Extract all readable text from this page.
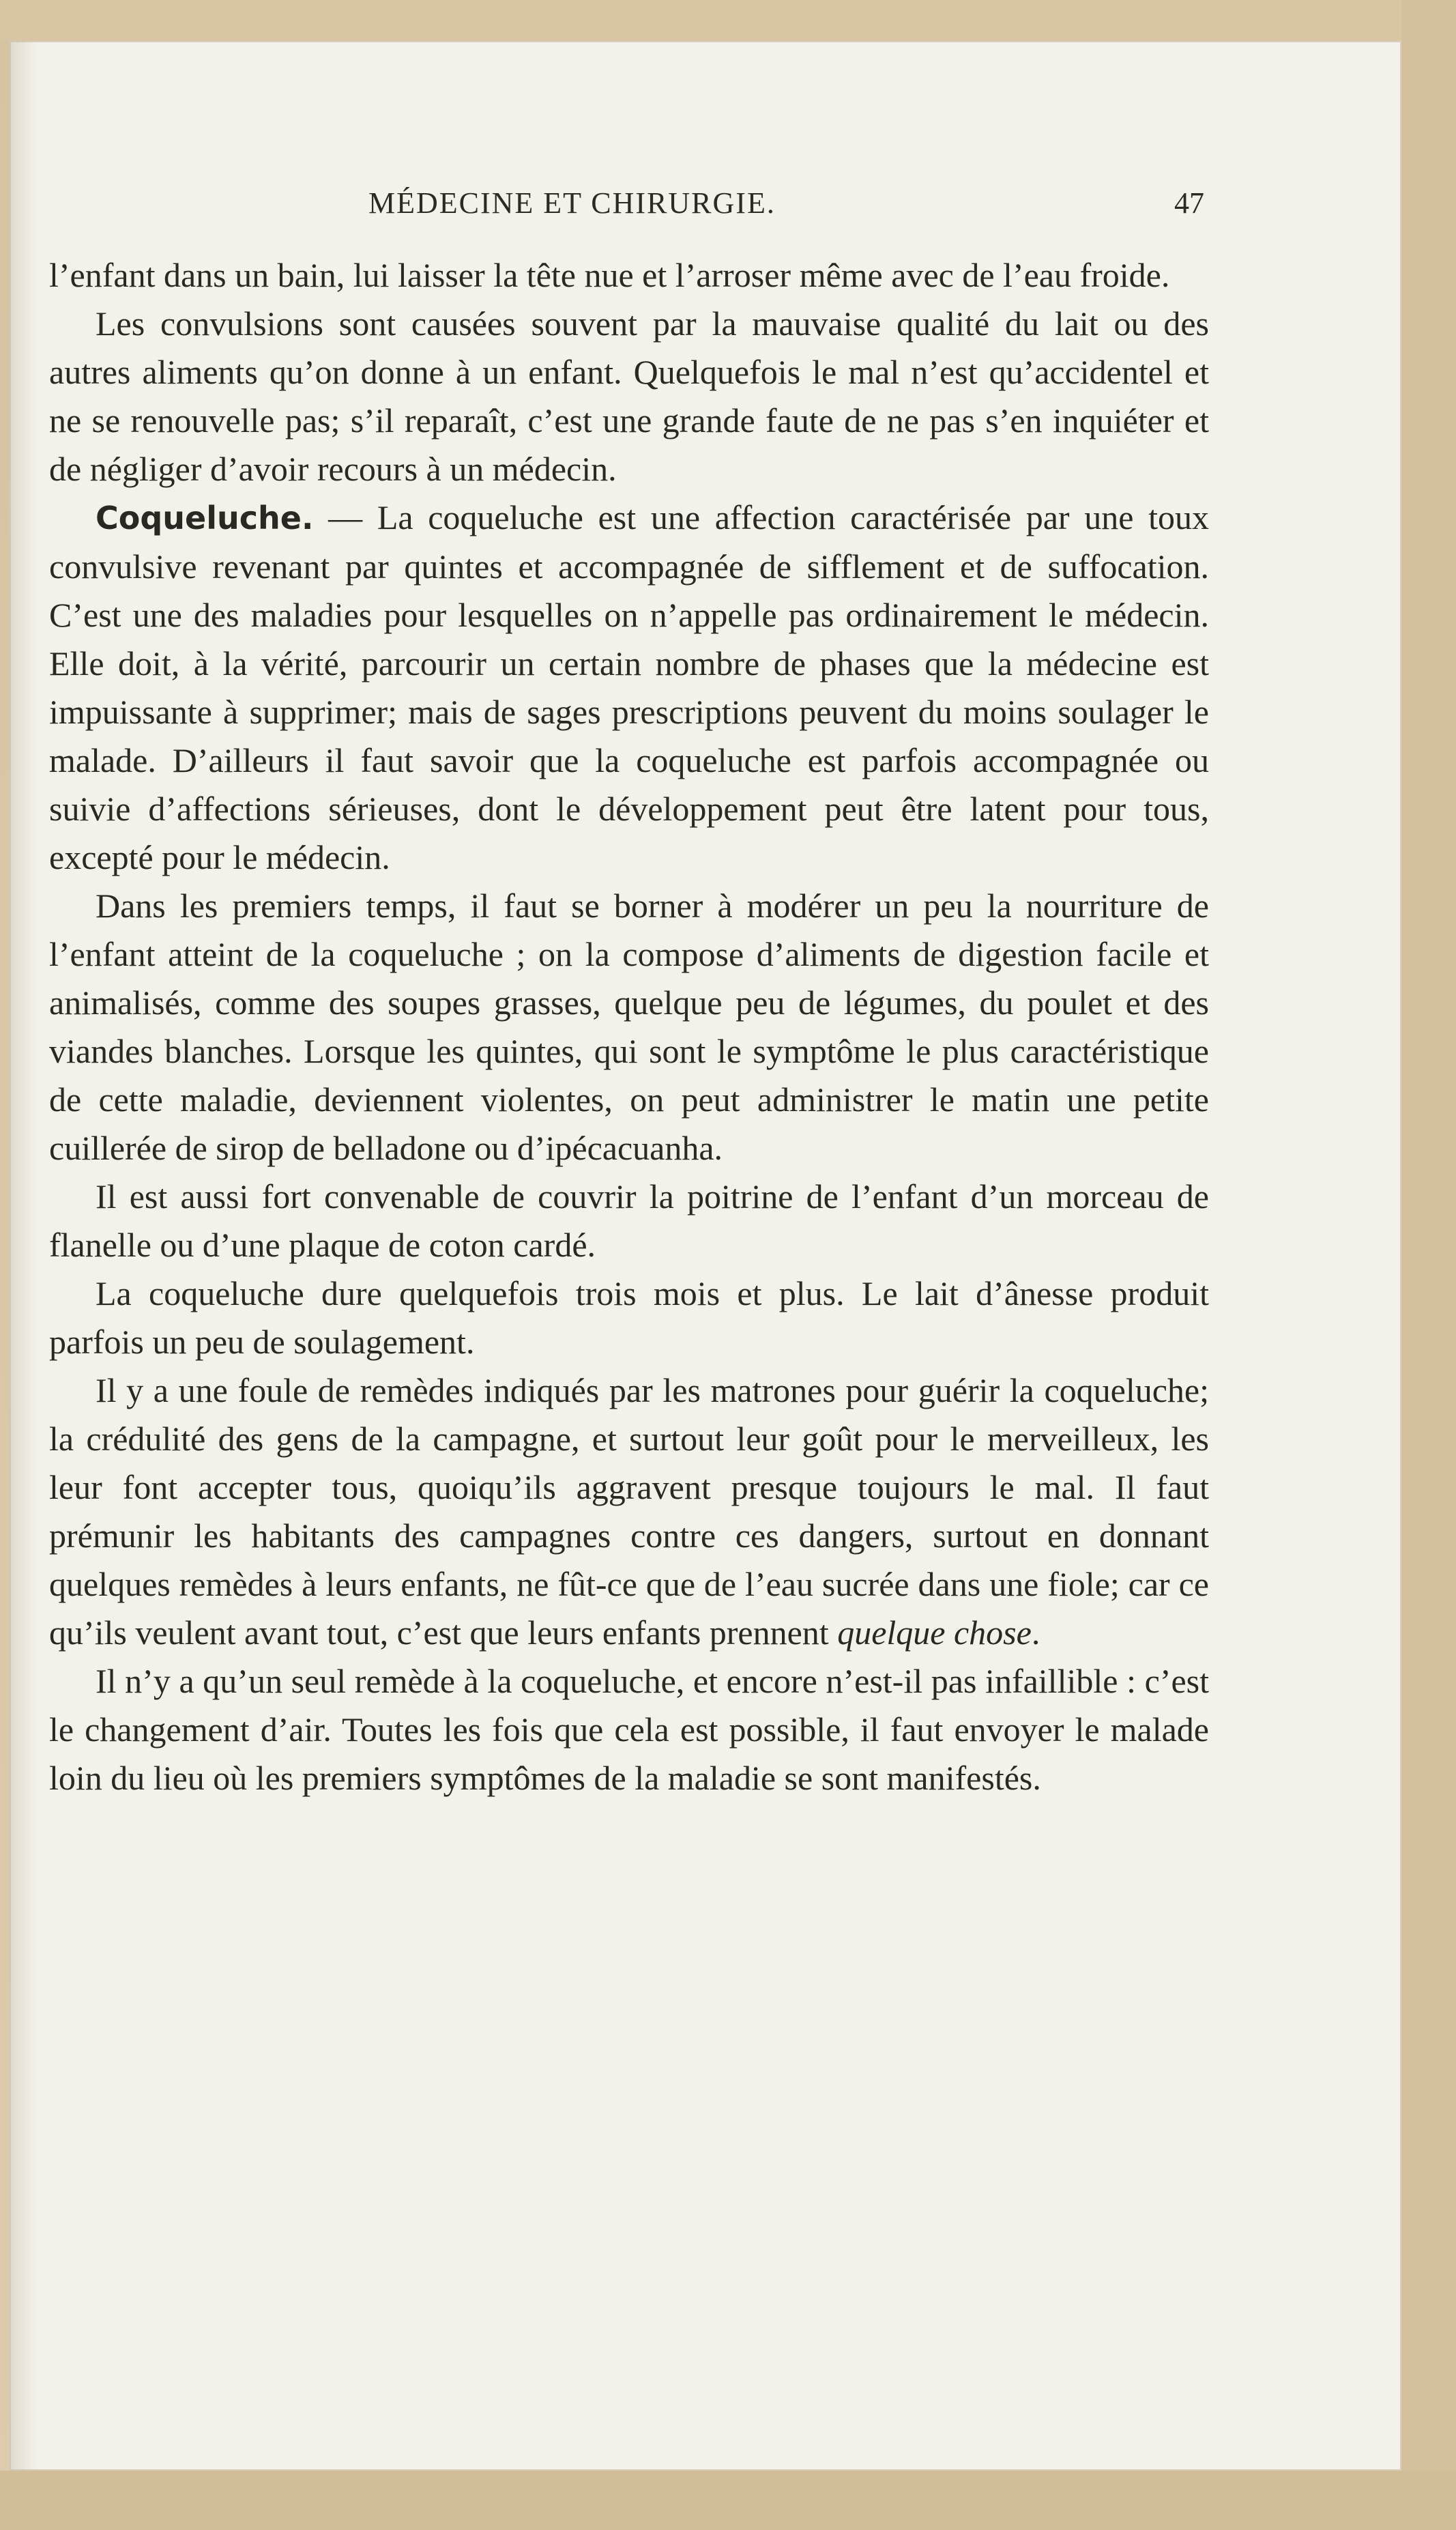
MÉDECINE ET CHIRURGIE.	47

l’enfant dans un bain, lui laisser la tête nue et l’arroser même avec de l’eau froide.

Les convulsions sont causées souvent par la mauvaise qualité du lait ou des autres aliments qu’on donne à un enfant. Quelquefois le mal n’est qu’accidentel et ne se renouvelle pas; s’il reparaît, c’est une grande faute de ne pas s’en inquiéter et de négliger d’avoir recours à un médecin.

Coqueluche. — La coqueluche est une affection caractérisée par une toux convulsive revenant par quintes et accompagnée de sifflement et de suffocation. C’est une des maladies pour lesquelles on n’appelle pas ordinairement le médecin. Elle doit, à la vérité, parcourir un certain nombre de phases que la médecine est impuissante à supprimer; mais de sages prescriptions peuvent du moins soulager le malade. D’ailleurs il faut savoir que la coqueluche est parfois accompagnée ou suivie d’affections sérieuses, dont le développement peut être latent pour tous, excepté pour le médecin.

Dans les premiers temps, il faut se borner à modérer un peu la nourriture de l’enfant atteint de la coqueluche ; on la compose d’aliments de digestion facile et animalisés, comme des soupes grasses, quelque peu de légumes, du poulet et des viandes blanches. Lorsque les quintes, qui sont le symptôme le plus caractéristique de cette maladie, deviennent violentes, on peut administrer le matin une petite cuillerée de sirop de belladone ou d’ipécacuanha.

Il est aussi fort convenable de couvrir la poitrine de l’enfant d’un morceau de flanelle ou d’une plaque de coton cardé.

La coqueluche dure quelquefois trois mois et plus. Le lait d’ânesse produit parfois un peu de soulagement.

Il y a une foule de remèdes indiqués par les matrones pour guérir la coqueluche; la crédulité des gens de la campagne, et surtout leur goût pour le merveilleux, les leur font accepter tous, quoiqu’ils aggravent presque toujours le mal. Il faut prémunir les habitants des campagnes contre ces dangers, surtout en donnant quelques remèdes à leurs enfants, ne fût-ce que de l’eau sucrée dans une fiole; car ce qu’ils veulent avant tout, c’est que leurs enfants prennent quelque chose.

Il n’y a qu’un seul remède à la coqueluche, et encore n’est-il pas infaillible : c’est le changement d’air. Toutes les fois que cela est possible, il faut envoyer le malade loin du lieu où les premiers symptômes de la maladie se sont manifestés.
